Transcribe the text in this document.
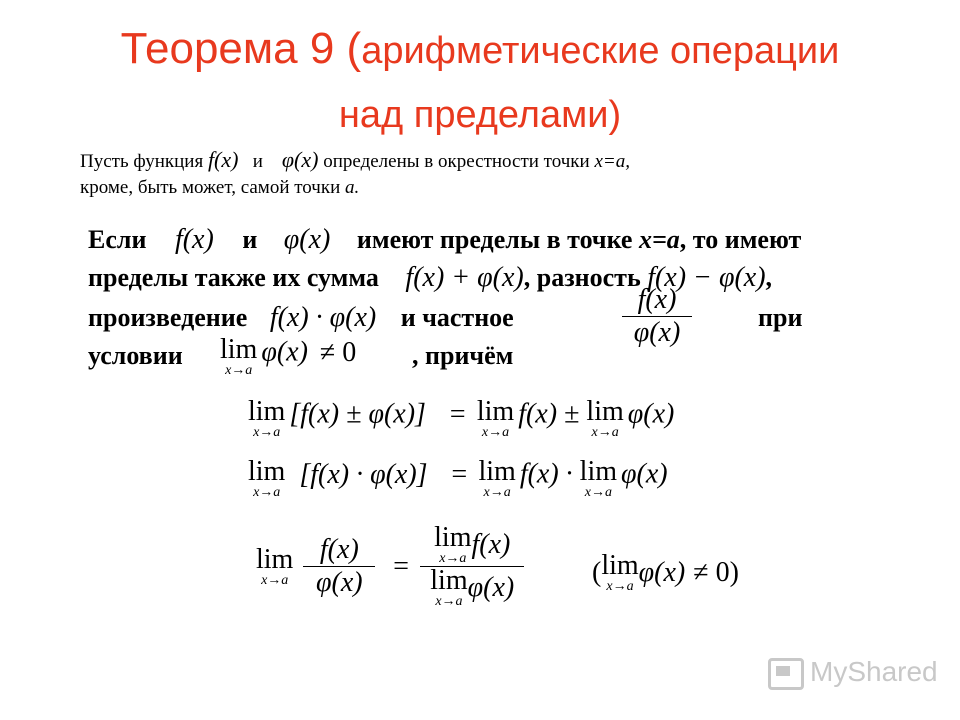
Теорема 9 (арифметические операции
над пределами)
Пусть функция f(x) и φ(x) определены в окрестности точки x=a,
кроме, быть может, самой точки a.
Если f(x) и φ(x) имеют пределы в точке x=a, то имеют
пределы также их сумма f(x) + φ(x), разность f(x) − φ(x),
произведение f(x) · φ(x) и частное	$\frac{f(x)}{\varphi(x)}$	при
условии lim
x→a
φ(x) ≠ 0 , причём
lim
x→a
[f(x) ± φ(x)] = lim
x→a
f(x) ± lim
x→a
φ(x)
lim
x→a
[f(x) · φ(x)] = lim
x→a
f(x) · lim
x→a
φ(x)
lim
$x\to a \frac{f(x)}{\varphi(x)} = \lim$
x→a f(x)
lim
x→a φ(x) ( lim
x→a φ(x) ≠ 0)
MyShared
